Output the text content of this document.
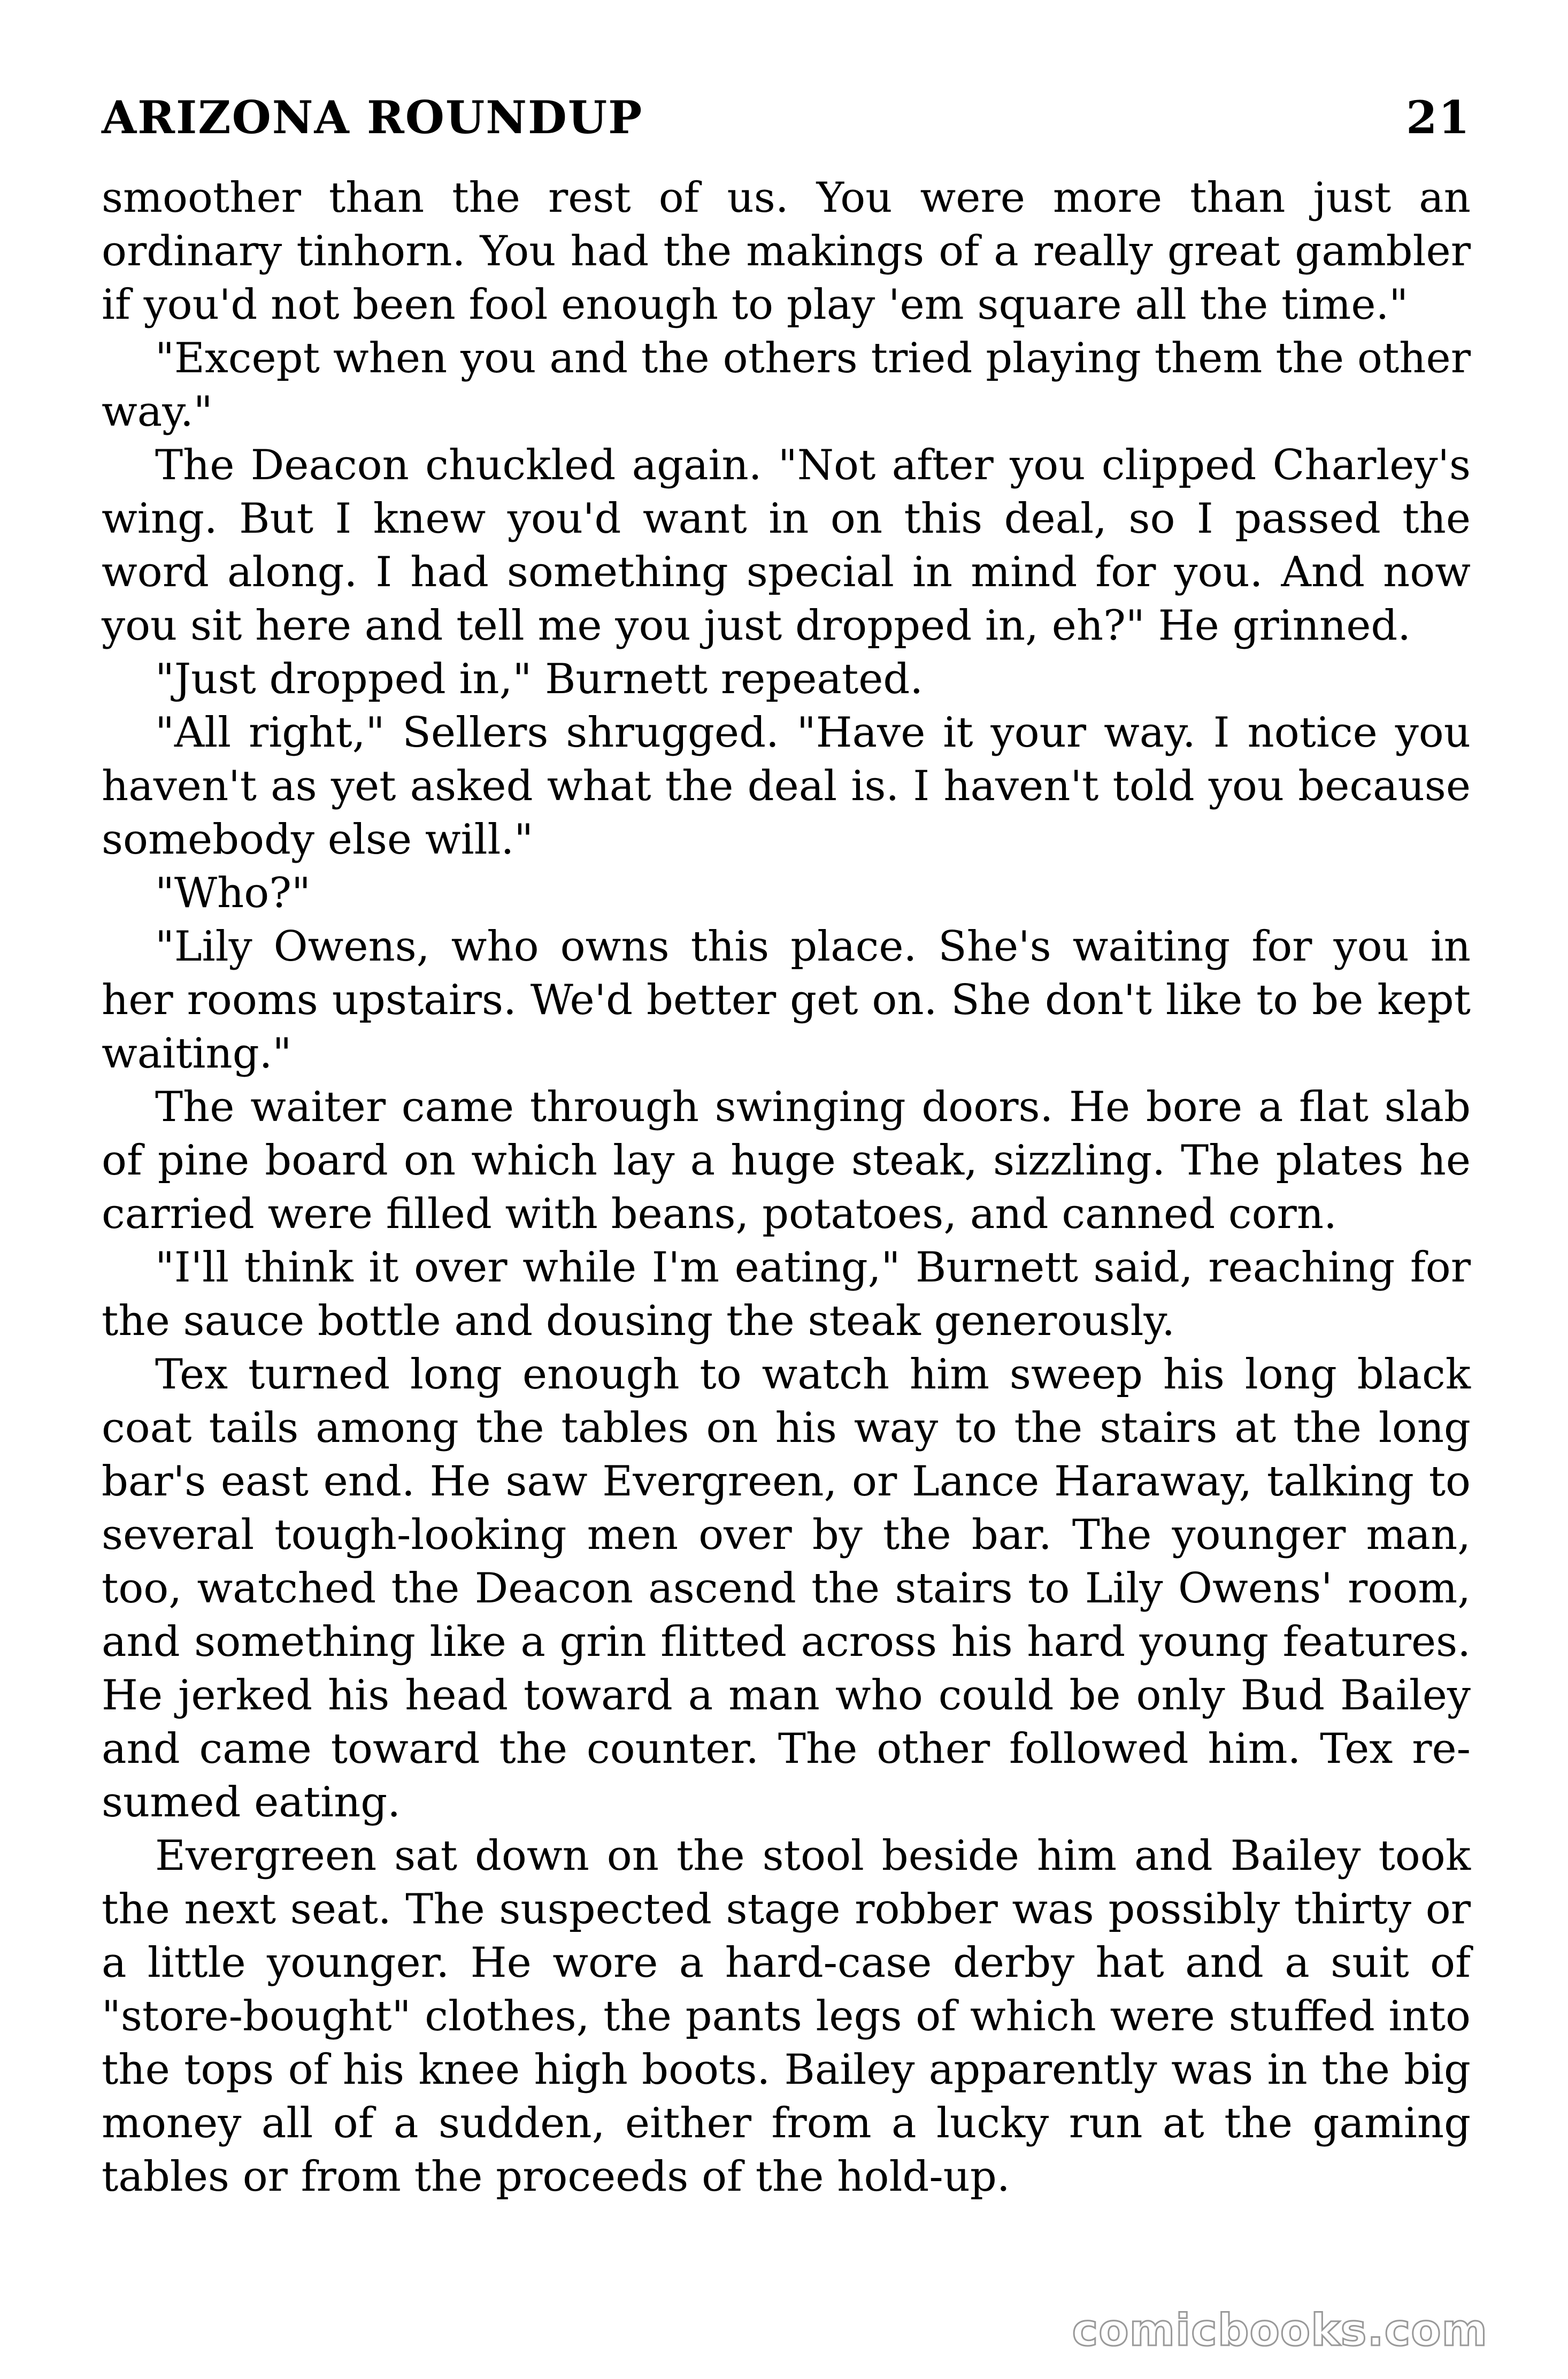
ARIZONA ROUNDUP	21

smoother than the rest of us. You were more than just an ordinary tinhorn. You had the makings of a really great gambler if you'd not been fool enough to play 'em square all the time."

"Except when you and the others tried playing them the other way."

The Deacon chuckled again. "Not after you clipped Charley's wing. But I knew you'd want in on this deal, so I passed the word along. I had something special in mind for you. And now you sit here and tell me you just dropped in, eh?" He grinned.

"Just dropped in," Burnett repeated.

"All right," Sellers shrugged. "Have it your way. I notice you haven't as yet asked what the deal is. I haven't told you because somebody else will."

"Who?"

"Lily Owens, who owns this place. She's waiting for you in her rooms upstairs. We'd better get on. She don't like to be kept waiting."

The waiter came through swinging doors. He bore a flat slab of pine board on which lay a huge steak, sizzling. The plates he carried were filled with beans, potatoes, and canned corn.

"I'll think it over while I'm eating," Burnett said, reaching for the sauce bottle and dousing the steak generously.

Tex turned long enough to watch him sweep his long black coat tails among the tables on his way to the stairs at the long bar's east end. He saw Evergreen, or Lance Haraway, talking to several tough-looking men over by the bar. The younger man, too, watched the Deacon ascend the stairs to Lily Owens' room, and something like a grin flitted across his hard young features. He jerked his head toward a man who could be only Bud Bailey and came toward the counter. The other followed him. Tex resumed eating.

Evergreen sat down on the stool beside him and Bailey took the next seat. The suspected stage robber was possibly thirty or a little younger. He wore a hard-case derby hat and a suit of "store-bought" clothes, the pants legs of which were stuffed into the tops of his knee high boots. Bailey apparently was in the big money all of a sudden, either from a lucky run at the gaming tables or from the proceeds of the hold-up.

comicbooks.com
